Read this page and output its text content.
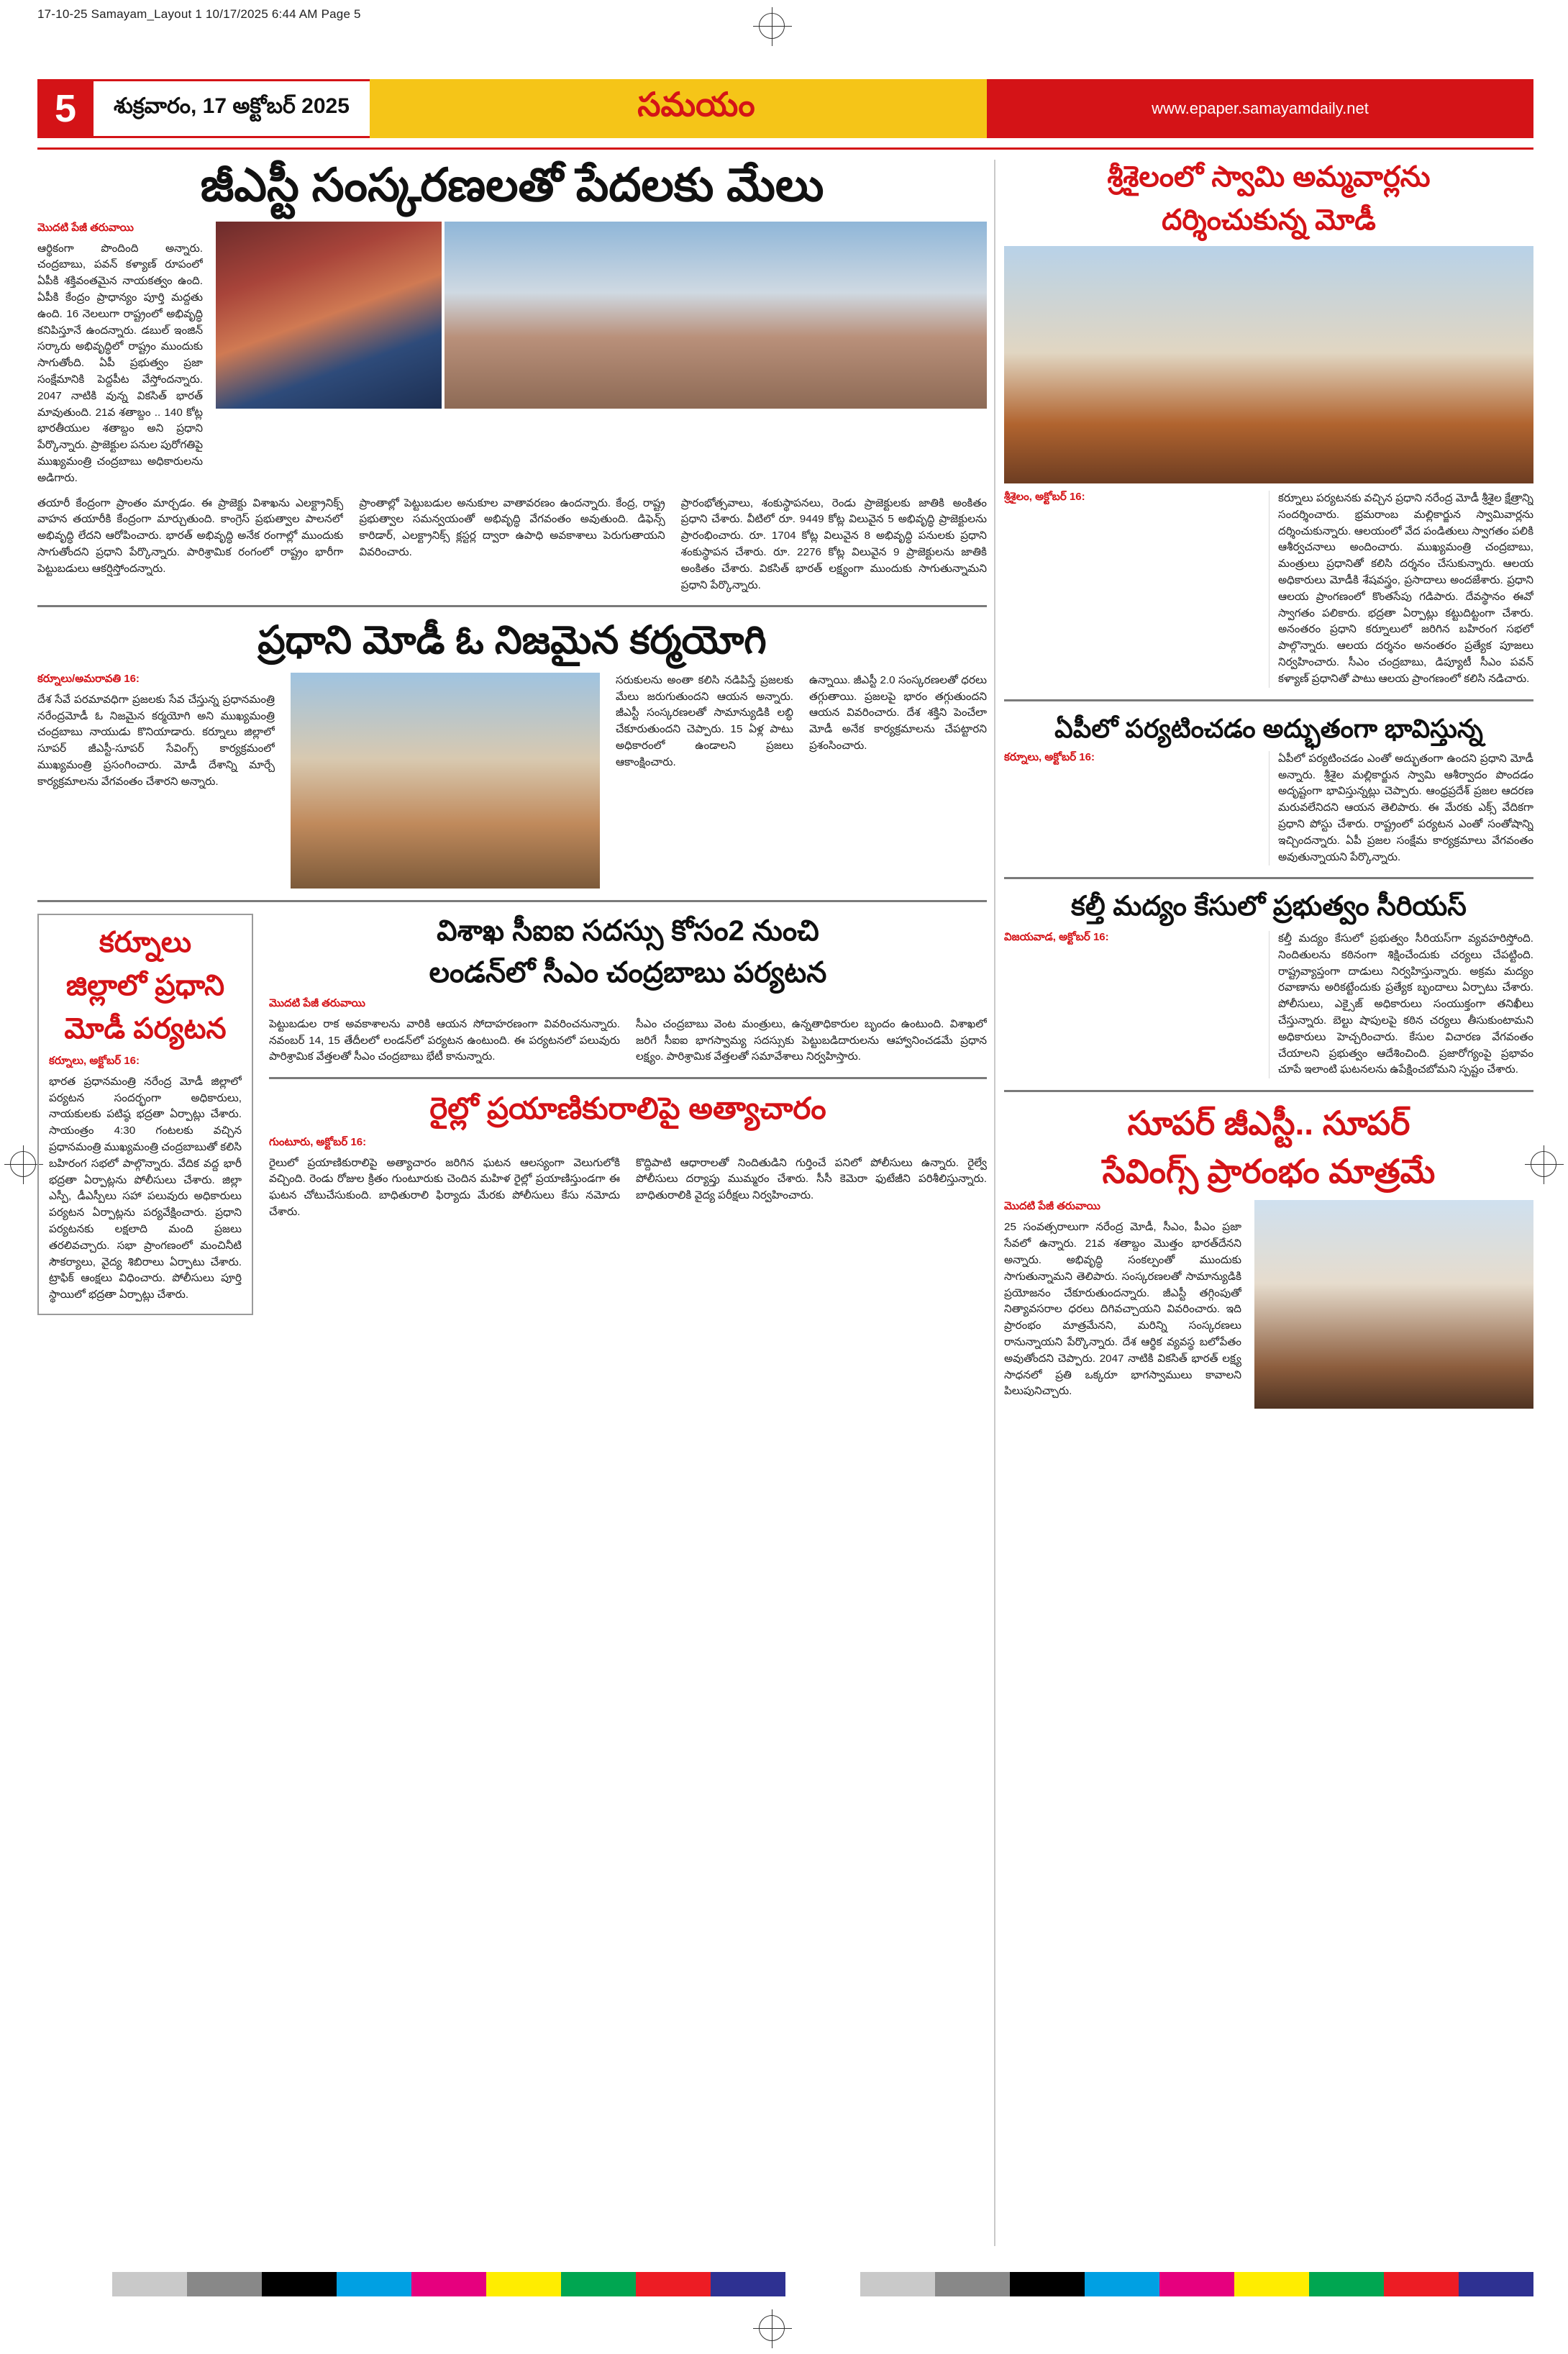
17-10-25 Samayam_Layout 1 10/17/2025 6:44 AM Page 5
5	శుక్రవారం, 17 అక్టోబర్ 2025	సమయం	www.epaper.samayamdaily.net
జీఎస్టీ సంస్కరణలతో పేదలకు మేలు
మొదటి పేజీ తరువాయి
ఆర్థికంగా పొందింది అన్నారు. చంద్రబాబు, పవన్ కళ్యాణ్‌ రూపంలో ఏపీకి శక్తివంతమైన నాయకత్వం ఉంది. ఏపీకి కేంద్రం ప్రాధాన్యం పూర్తి మద్దతు ఉంది. 16 నెలలుగా రాష్ట్రంలో అభివృద్ధి కనిపిస్తూనే ఉందన్నారు. డబుల్ ఇంజిన్ సర్కారు అభివృద్ధిలో రాష్ట్రం ముందుకు సాగుతోంది. ఏపీ ప్రభుత్వం ప్రజా సంక్షేమానికి పెద్దపీట వేస్తోందన్నారు. 2047 నాటికి వున్న వికసిత్ భారత్ మావుతుంది. 21వ శతాబ్దం .. 140 కోట్ల భారతీయుల శతాబ్దం అని ప్రధాని పేర్కొన్నారు. ప్రాజెక్టుల పనుల పురోగతిపై ముఖ్యమంత్రి చంద్రబాబు అధికారులను అడిగారు.
తయారీ కేంద్రంగా ప్రాంతం మార్చడం. ఈ ప్రాజెక్టు విశాఖను ఎలక్ట్రానిక్స్ వాహన తయారీకి కేంద్రంగా మార్చుతుంది. కాంగ్రెస్ ప్రభుత్వాల పాలనలో అభివృద్ధి లేదని ఆరోపించారు. భారత్ అభివృద్ధి అనేక రంగాల్లో ముందుకు సాగుతోందని ప్రధాని పేర్కొన్నారు. పారిశ్రామిక రంగంలో రాష్ట్రం భారీగా పెట్టుబడులు ఆకర్షిస్తోందన్నారు.
ప్రాంతాల్లో పెట్టుబడుల అనుకూల వాతావరణం ఉందన్నారు. కేంద్ర, రాష్ట్ర ప్రభుత్వాల సమన్వయంతో అభివృద్ధి వేగవంతం అవుతుంది. డిఫెన్స్ కారిడార్, ఎలక్ట్రానిక్స్ క్లస్టర్ల ద్వారా ఉపాధి అవకాశాలు పెరుగుతాయని వివరించారు.
ప్రారంభోత్సవాలు, శంకుస్థాపనలు, రెండు ప్రాజెక్టులకు జాతికి అంకితం ప్రధాని చేశారు. వీటిలో రూ. 9449 కోట్ల విలువైన 5 అభివృద్ధి ప్రాజెక్టులను ప్రారంభించారు. రూ. 1704 కోట్ల విలువైన 8 అభివృద్ధి పనులకు ప్రధాని శంకుస్థాపన చేశారు. రూ. 2276 కోట్ల విలువైన 9 ప్రాజెక్టులను జాతికి అంకితం చేశారు. వికసిత్ భారత్ లక్ష్యంగా ముందుకు సాగుతున్నామని ప్రధాని పేర్కొన్నారు.
ప్రధాని మోడీ ఓ నిజమైన కర్మయోగి
కర్నూలు/అమరావతి 16:
దేశ సేవే పరమావధిగా ప్రజలకు సేవ చేస్తున్న ప్రధానమంత్రి నరేంద్రమోడీ ఓ నిజమైన కర్మయోగి అని ముఖ్యమంత్రి చంద్రబాబు నాయుడు కొనియాడారు. కర్నూలు జిల్లాలో సూపర్ జీఎస్టీ-సూపర్ సేవింగ్స్ కార్యక్రమంలో ముఖ్యమంత్రి ప్రసంగించారు. మోడీ దేశాన్ని మార్చే కార్యక్రమాలను వేగవంతం చేశారని అన్నారు.
సరుకులను అంతా కలిసి నడిపిస్తే ప్రజలకు మేలు జరుగుతుందని ఆయన అన్నారు. జీఎస్టీ సంస్కరణలతో సామాన్యుడికి లబ్ధి చేకూరుతుందని చెప్పారు. 15 ఏళ్ల పాటు అధికారంలో ఉండాలని ప్రజలు ఆకాంక్షించారు.
ఉన్నాయి. జీఎస్టీ 2.0 సంస్కరణలతో ధరలు తగ్గుతాయి. ప్రజలపై భారం తగ్గుతుందని ఆయన వివరించారు. దేశ శక్తిని పెంచేలా మోడీ అనేక కార్యక్రమాలను చేపట్టారని ప్రశంసించారు.
కర్నూలు
జిల్లాలో ప్రధాని
మోడీ పర్యటన
కర్నూలు, అక్టోబర్ 16:
భారత ప్రధానమంత్రి నరేంద్ర మోడీ జిల్లాలో పర్యటన సందర్భంగా అధికారులు, నాయకులకు పటిష్ఠ భద్రతా ఏర్పాట్లు చేశారు. సాయంత్రం 4:30 గంటలకు వచ్చిన ప్రధానమంత్రి ముఖ్యమంత్రి చంద్రబాబుతో కలిసి బహిరంగ సభలో పాల్గొన్నారు. వేదిక వద్ద భారీ భద్రతా ఏర్పాట్లను పోలీసులు చేశారు. జిల్లా ఎస్పీ, డీఎస్పీలు సహా పలువురు అధికారులు పర్యటన ఏర్పాట్లను పర్యవేక్షించారు. ప్రధాని పర్యటనకు లక్షలాది మంది ప్రజలు తరలివచ్చారు. సభా ప్రాంగణంలో మంచినీటి సౌకర్యాలు, వైద్య శిబిరాలు ఏర్పాటు చేశారు. ట్రాఫిక్ ఆంక్షలు విధించారు. పోలీసులు పూర్తి స్థాయిలో భద్రతా ఏర్పాట్లు చేశారు.
విశాఖ సీఐఐ సదస్సు కోసం2 నుంచి
లండన్‌లో సీఎం చంద్రబాబు పర్యటన
మొదటి పేజీ తరువాయి
పెట్టుబడుల రాక అవకాశాలను వారికి ఆయన సోదాహరణంగా వివరించనున్నారు. నవంబర్ 14, 15 తేదీలలో లండన్‌లో పర్యటన ఉంటుంది. ఈ పర్యటనలో పలువురు పారిశ్రామిక వేత్తలతో సీఎం చంద్రబాబు భేటీ కానున్నారు.
సీఎం చంద్రబాబు వెంట మంత్రులు, ఉన్నతాధికారుల బృందం ఉంటుంది. విశాఖలో జరిగే సీఐఐ భాగస్వామ్య సదస్సుకు పెట్టుబడిదారులను ఆహ్వానించడమే ప్రధాన లక్ష్యం. పారిశ్రామిక వేత్తలతో సమావేశాలు నిర్వహిస్తారు.
రైల్లో ప్రయాణికురాలిపై అత్యాచారం
గుంటూరు, అక్టోబర్ 16:
రైలులో ప్రయాణికురాలిపై అత్యాచారం జరిగిన ఘటన ఆలస్యంగా వెలుగులోకి వచ్చింది. రెండు రోజుల క్రితం గుంటూరుకు చెందిన మహిళ రైల్లో ప్రయాణిస్తుండగా ఈ ఘటన చోటుచేసుకుంది. బాధితురాలి ఫిర్యాదు మేరకు పోలీసులు కేసు నమోదు చేశారు.
కొద్దిపాటి ఆధారాలతో నిందితుడిని గుర్తించే పనిలో పోలీసులు ఉన్నారు. రైల్వే పోలీసులు దర్యాప్తు ముమ్మరం చేశారు. సీసీ కెమెరా ఫుటేజీని పరిశీలిస్తున్నారు. బాధితురాలికి వైద్య పరీక్షలు నిర్వహించారు.
శ్రీశైలంలో స్వామి అమ్మవార్లను
దర్శించుకున్న మోడీ
శ్రీశైలం, అక్టోబర్ 16:	కర్నూలు పర్యటనకు వచ్చిన ప్రధాని నరేంద్ర మోడీ శ్రీశైల క్షేత్రాన్ని సందర్శించారు. భ్రమరాంబ మల్లికార్జున స్వామివార్లను దర్శించుకున్నారు. ఆలయంలో వేద పండితులు స్వాగతం పలికి ఆశీర్వచనాలు అందించారు. ముఖ్యమంత్రి చంద్రబాబు, మంత్రులు ప్రధానితో కలిసి దర్శనం చేసుకున్నారు. ఆలయ అధికారులు మోడీకి శేషవస్త్రం, ప్రసాదాలు అందజేశారు. ప్రధాని ఆలయ ప్రాంగణంలో కొంతసేపు గడిపారు. దేవస్థానం ఈవో స్వాగతం పలికారు. భద్రతా ఏర్పాట్లు కట్టుదిట్టంగా చేశారు. అనంతరం ప్రధాని కర్నూలులో జరిగిన బహిరంగ సభలో పాల్గొన్నారు. ఆలయ దర్శనం అనంతరం ప్రత్యేక పూజలు నిర్వహించారు. సీఎం చంద్రబాబు, డిప్యూటీ సీఎం పవన్ కళ్యాణ్ ప్రధానితో పాటు ఆలయ ప్రాంగణంలో కలిసి నడిచారు.
ఏపీలో పర్యటించడం అద్భుతంగా భావిస్తున్న
కర్నూలు, అక్టోబర్ 16:	ఏపీలో పర్యటించడం ఎంతో అద్భుతంగా ఉందని ప్రధాని మోడీ అన్నారు. శ్రీశైల మల్లికార్జున స్వామి ఆశీర్వాదం పొందడం అదృష్టంగా భావిస్తున్నట్లు చెప్పారు. ఆంధ్రప్రదేశ్ ప్రజల ఆదరణ మరువలేనిదని ఆయన తెలిపారు. ఈ మేరకు ఎక్స్ వేదికగా ప్రధాని పోస్టు చేశారు. రాష్ట్రంలో పర్యటన ఎంతో సంతోషాన్ని ఇచ్చిందన్నారు. ఏపీ ప్రజల సంక్షేమ కార్యక్రమాలు వేగవంతం అవుతున్నాయని పేర్కొన్నారు.
కల్తీ మద్యం కేసులో ప్రభుత్వం సీరియస్
విజయవాడ, అక్టోబర్ 16:	కల్తీ మద్యం కేసులో ప్రభుత్వం సీరియస్‌గా వ్యవహరిస్తోంది. నిందితులను కఠినంగా శిక్షించేందుకు చర్యలు చేపట్టింది. రాష్ట్రవ్యాప్తంగా దాడులు నిర్వహిస్తున్నారు. అక్రమ మద్యం రవాణాను అరికట్టేందుకు ప్రత్యేక బృందాలు ఏర్పాటు చేశారు. పోలీసులు, ఎక్సైజ్ అధికారులు సంయుక్తంగా తనిఖీలు చేస్తున్నారు. బెల్టు షాపులపై కఠిన చర్యలు తీసుకుంటామని అధికారులు హెచ్చరించారు. కేసుల విచారణ వేగవంతం చేయాలని ప్రభుత్వం ఆదేశించింది. ప్రజారోగ్యంపై ప్రభావం చూపే ఇలాంటి ఘటనలను ఉపేక్షించబోమని స్పష్టం చేశారు.
సూపర్ జీఎస్టీ.. సూపర్
సేవింగ్స్ ప్రారంభం మాత్రమే
మొదటి పేజీ తరువాయి
25 సంవత్సరాలుగా నరేంద్ర మోడీ, సీఎం, పీఎం ప్రజా సేవలో ఉన్నారు. 21వ శతాబ్దం మొత్తం భారత్‌దేనని అన్నారు. అభివృద్ధి సంకల్పంతో ముందుకు సాగుతున్నామని తెలిపారు. సంస్కరణలతో సామాన్యుడికి ప్రయోజనం చేకూరుతుందన్నారు. జీఎస్టీ తగ్గింపుతో నిత్యావసరాల ధరలు దిగివచ్చాయని వివరించారు. ఇది ప్రారంభం మాత్రమేనని, మరిన్ని సంస్కరణలు రానున్నాయని పేర్కొన్నారు. దేశ ఆర్థిక వ్యవస్థ బలోపేతం అవుతోందని చెప్పారు. 2047 నాటికి వికసిత్ భారత్ లక్ష్య సాధనలో ప్రతి ఒక్కరూ భాగస్వాములు కావాలని పిలుపునిచ్చారు.
